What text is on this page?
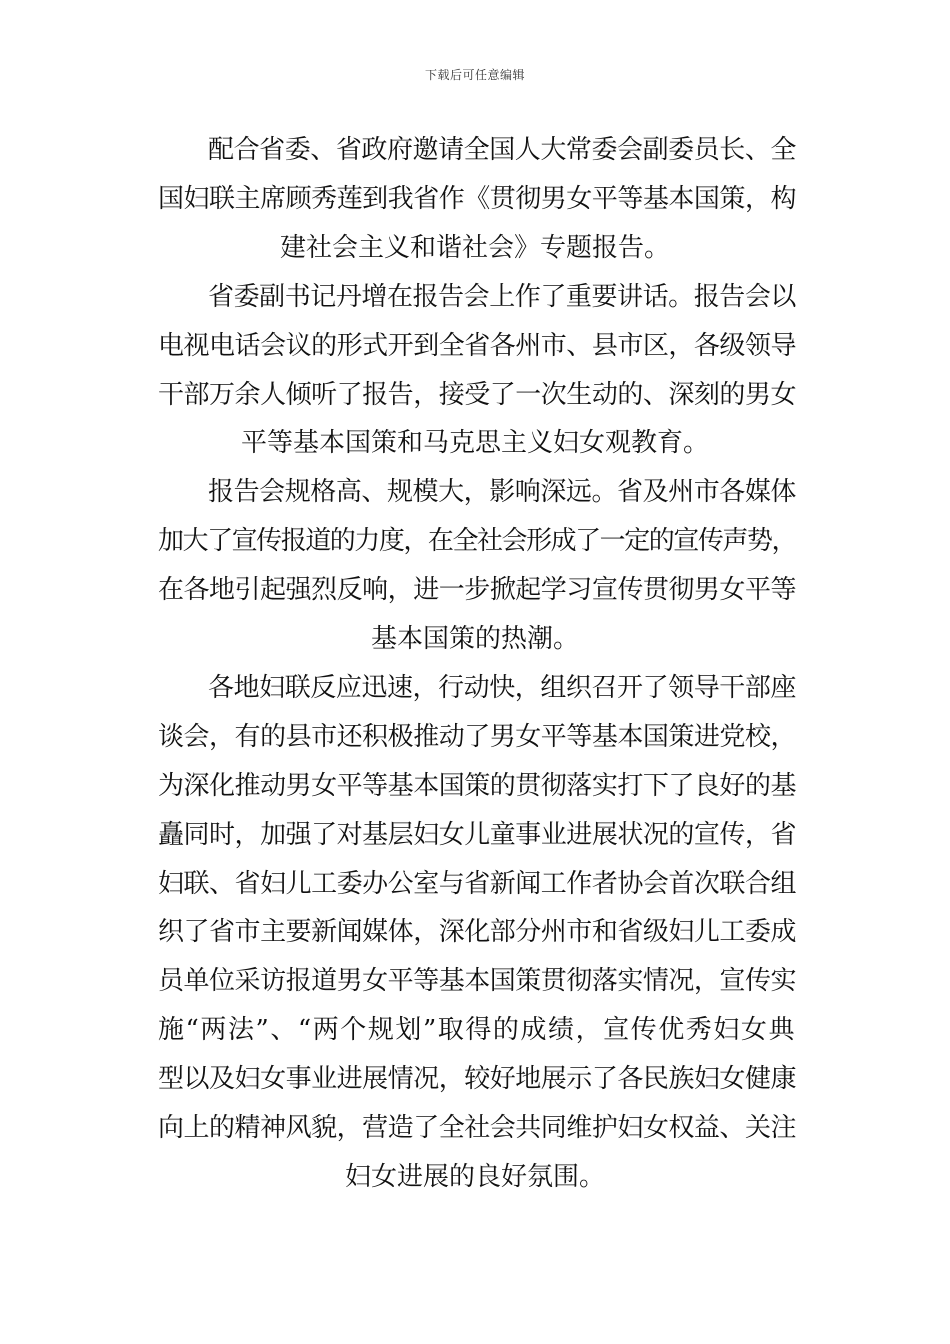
下载后可任意编辑
配合省委、省政府邀请全国人大常委会副委员长、全
国妇联主席顾秀莲到我省作《贯彻男女平等基本国策，构
建社会主义和谐社会》专题报告。
省委副书记丹增在报告会上作了重要讲话。报告会以
电视电话会议的形式开到全省各州市、县市区，各级领导
干部万余人倾听了报告，接受了一次生动的、深刻的男女
平等基本国策和马克思主义妇女观教育。
报告会规格高、规模大，影响深远。省及州市各媒体
加大了宣传报道的力度，在全社会形成了一定的宣传声势，
在各地引起强烈反响，进一步掀起学习宣传贯彻男女平等
基本国策的热潮。
各地妇联反应迅速，行动快，组织召开了领导干部座
谈会，有的县市还积极推动了男女平等基本国策进党校，
为深化推动男女平等基本国策的贯彻落实打下了良好的基
矗同时，加强了对基层妇女儿童事业进展状况的宣传，省
妇联、省妇儿工委办公室与省新闻工作者协会首次联合组
织了省市主要新闻媒体，深化部分州市和省级妇儿工委成
员单位采访报道男女平等基本国策贯彻落实情况，宣传实
施“两法”、“两个规划”取得的成绩，宣传优秀妇女典
型以及妇女事业进展情况，较好地展示了各民族妇女健康
向上的精神风貌，营造了全社会共同维护妇女权益、关注
妇女进展的良好氛围。
